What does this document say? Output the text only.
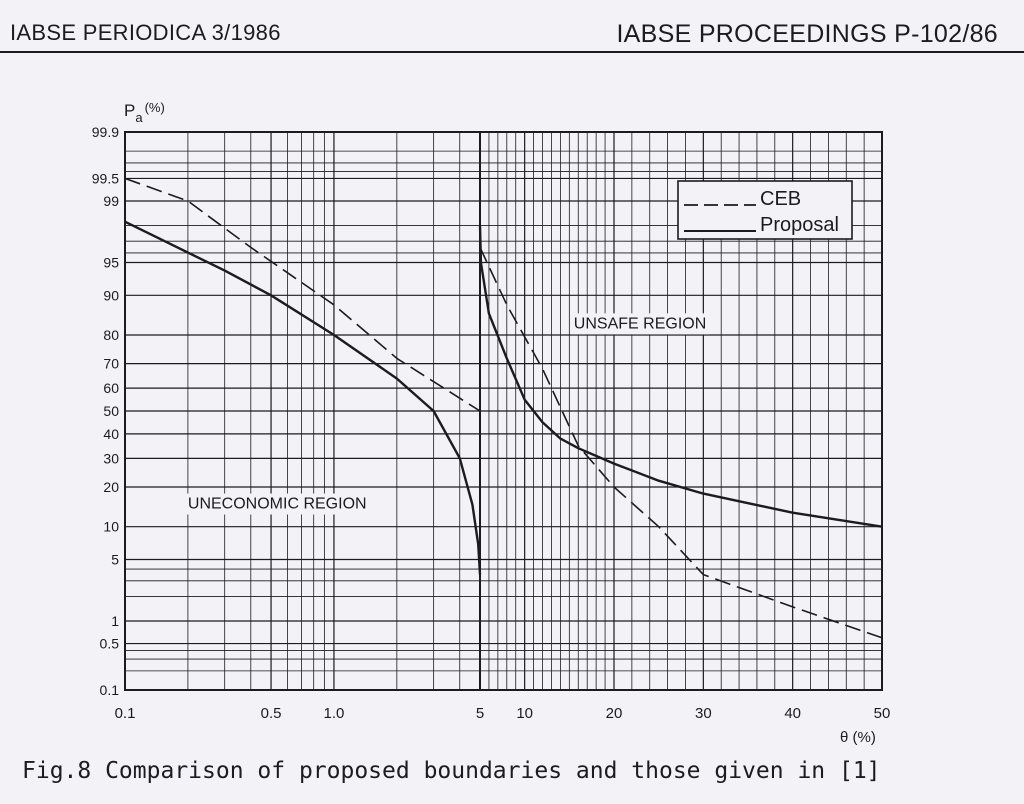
IABSE PERIODICA 3/1986	IABSE PROCEEDINGS P-102/86
99.9
99.5
99
95
90
80
70
60
50
40
30
20
10
5
1
0.5
0.1
0.1	0.5	1.0	5 10	20	30	40	50
UNSAFE REGION
UNECONOMIC REGION
CEB
Proposal
$P_a^{(\%)}$
θ (%)
Fig.8 Comparison of proposed boundaries and those given in [1]
